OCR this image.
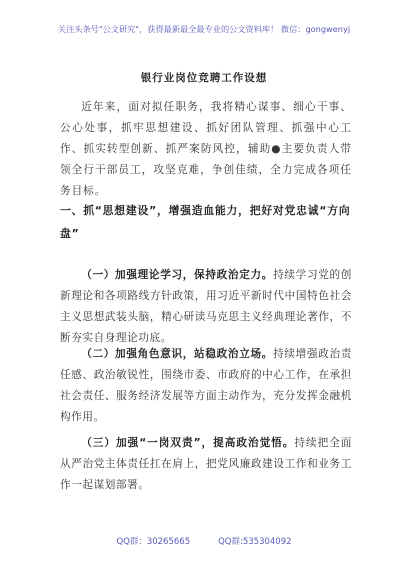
关注头条号"公文研究"，获得最新最全最专业的公文资料库！ 微信：gongwenyj
银行业岗位竞聘工作设想

近年来，面对拟任职务，我将精心谋事、细心干事、公心处事，抓牢思想建设、抓好团队管理、抓强中心工作、抓实转型创新、抓严案防风控，辅助●主要负责人带领全行干部员工，攻坚克难，争创佳绩，全力完成各项任务目标。

一、抓“思想建设”，增强造血能力，把好对党忠诚“方向盘”

（一）加强理论学习，保持政治定力。持续学习党的创新理论和各项路线方针政策，用习近平新时代中国特色社会主义思想武装头脑，精心研读马克思主义经典理论著作，不断夯实自身理论功底。

（二）加强角色意识，站稳政治立场。持续增强政治责任感、政治敏锐性，围绕市委、市政府的中心工作，在承担社会责任、服务经济发展等方面主动作为，充分发挥金融机构作用。

（三）加强“一岗双责”，提高政治觉悟。持续把全面从严治党主体责任扛在肩上，把党风廉政建设工作和业务工作一起谋划部署。

QQ群：30265665	QQ群:535304092
